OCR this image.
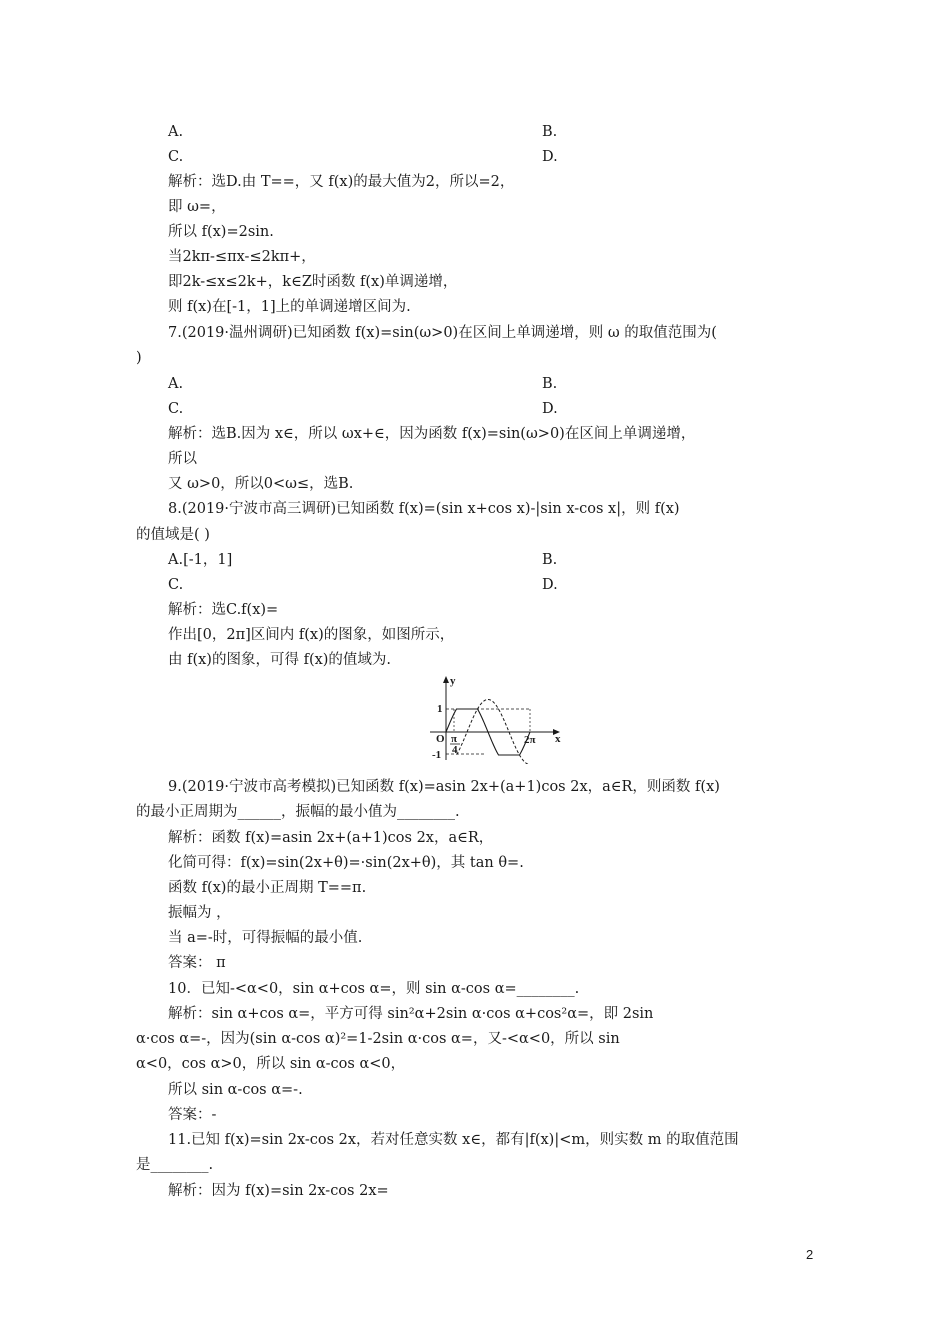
A.	B.
C.	D.
解析：选D.由 T==，又 f(x)的最大值为2，所以=2，
即 ω=，
所以 f(x)=2sin.
当2kπ-≤πx-≤2kπ+，
即2k-≤x≤2k+，k∈Z时函数 f(x)单调递增，
则 f(x)在[-1，1]上的单调递增区间为.
7.(2019·温州调研)已知函数 f(x)=sin(ω>0)在区间上单调递增，则 ω 的取值范围为(
)
A.	B.
C.	D.
解析：选B.因为 x∈，所以 ωx+∈，因为函数 f(x)=sin(ω>0)在区间上单调递增，
所以
又 ω>0，所以0<ω≤，选B.
8.(2019·宁波市高三调研)已知函数 f(x)=(sin x+cos x)-|sin x-cos x|，则 f(x)
的值域是( )
A.[-1，1]	B.
C.	D.
解析：选C.f(x)=
作出[0，2π]区间内 f(x)的图象，如图所示，
由 f(x)的图象，可得 f(x)的值域为.
9.(2019·宁波市高考模拟)已知函数 f(x)=asin 2x+(a+1)cos 2x，a∈R，则函数 f(x)
的最小正周期为______，振幅的最小值为________.
解析：函数 f(x)=asin 2x+(a+1)cos 2x，a∈R，
化简可得：f(x)=sin(2x+θ)=·sin(2x+θ)，其 tan θ=.
函数 f(x)的最小正周期 T==π.
振幅为 ，
当 a=-时，可得振幅的最小值.
答案： π
10．已知-<α<0，sin α+cos α=，则 sin α-cos α=________.
解析：sin α+cos α=，平方可得 sin²α+2sin α·cos α+cos²α=，即 2sin
α·cos α=-，因为(sin α-cos α)²=1-2sin α·cos α=，又-<α<0，所以 sin
α<0，cos α>0，所以 sin α-cos α<0，
所以 sin α-cos α=-.
答案：-
11.已知 f(x)=sin 2x-cos 2x，若对任意实数 x∈，都有|f(x)|<m，则实数 m 的取值范围
是________.
解析：因为 f(x)=sin 2x-cos 2x=
y
x
O
1
-1
π
4
2π
2
